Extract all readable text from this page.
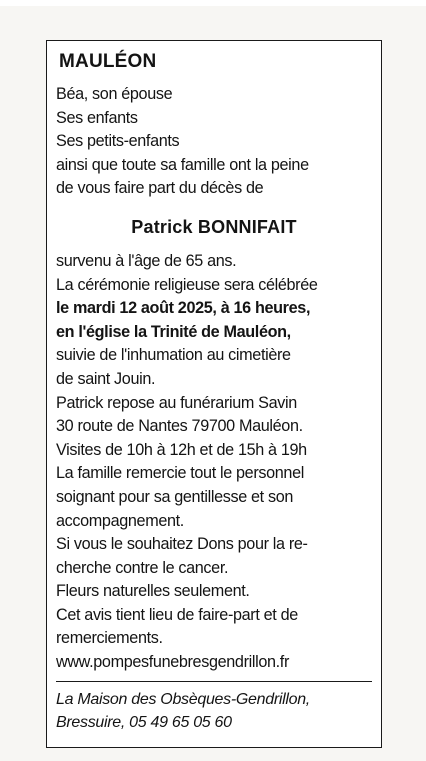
MAULÉON
Béa, son épouse
Ses enfants
Ses petits-enfants
ainsi que toute sa famille ont la peine
de vous faire part du décès de
Patrick BONNIFAIT
survenu à l'âge de 65 ans.
La cérémonie religieuse sera célébrée
le mardi 12 août 2025, à 16 heures,
en l'église la Trinité de Mauléon,
suivie de l'inhumation au cimetière
de saint Jouin.
Patrick repose au funérarium Savin
30 route de Nantes 79700 Mauléon.
Visites de 10h à 12h et de 15h à 19h
La famille remercie tout le personnel
soignant pour sa gentillesse et son
accompagnement.
Si vous le souhaitez Dons pour la re-
cherche contre le cancer.
Fleurs naturelles seulement.
Cet avis tient lieu de faire-part et de
remerciements.
www.pompesfunebresgendrillon.fr
La Maison des Obsèques-Gendrillon,
Bressuire, 05 49 65 05 60
